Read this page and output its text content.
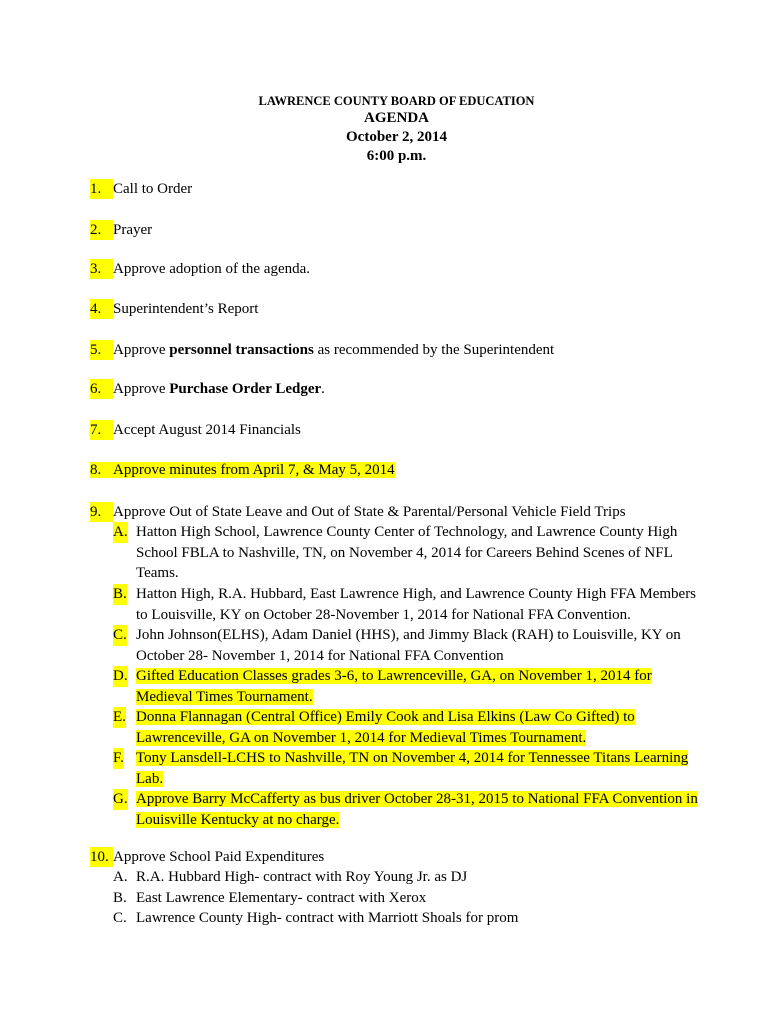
LAWRENCE COUNTY BOARD OF EDUCATION
AGENDA
October 2, 2014
6:00 p.m.
1. Call to Order
2. Prayer
3. Approve adoption of the agenda.
4. Superintendent’s Report
5. Approve personnel transactions as recommended by the Superintendent
6. Approve Purchase Order Ledger.
7. Accept August 2014 Financials
8. Approve minutes from April 7, & May 5, 2014
9. Approve Out of State Leave and Out of State & Parental/Personal Vehicle Field Trips
A. Hatton High School, Lawrence County Center of Technology, and Lawrence County High School FBLA to Nashville, TN, on November 4, 2014 for Careers Behind Scenes of NFL Teams.
B. Hatton High, R.A. Hubbard, East Lawrence High, and Lawrence County High FFA Members to Louisville, KY on October 28-November 1, 2014 for National FFA Convention.
C. John Johnson(ELHS), Adam Daniel (HHS), and Jimmy Black (RAH) to Louisville, KY on October 28- November 1, 2014 for National FFA Convention
D. Gifted Education Classes grades 3-6, to Lawrenceville, GA, on November 1, 2014 for Medieval Times Tournament.
E. Donna Flannagan (Central Office) Emily Cook and Lisa Elkins (Law Co Gifted) to Lawrenceville, GA on November 1, 2014 for Medieval Times Tournament.
F. Tony Lansdell-LCHS to Nashville, TN on November 4, 2014 for Tennessee Titans Learning Lab.
G. Approve Barry McCafferty as bus driver October 28-31, 2015 to National FFA Convention in Louisville Kentucky at no charge.
10. Approve School Paid Expenditures
A. R.A. Hubbard High- contract with Roy Young Jr. as DJ
B. East Lawrence Elementary- contract with Xerox
C. Lawrence County High- contract with Marriott Shoals for prom
